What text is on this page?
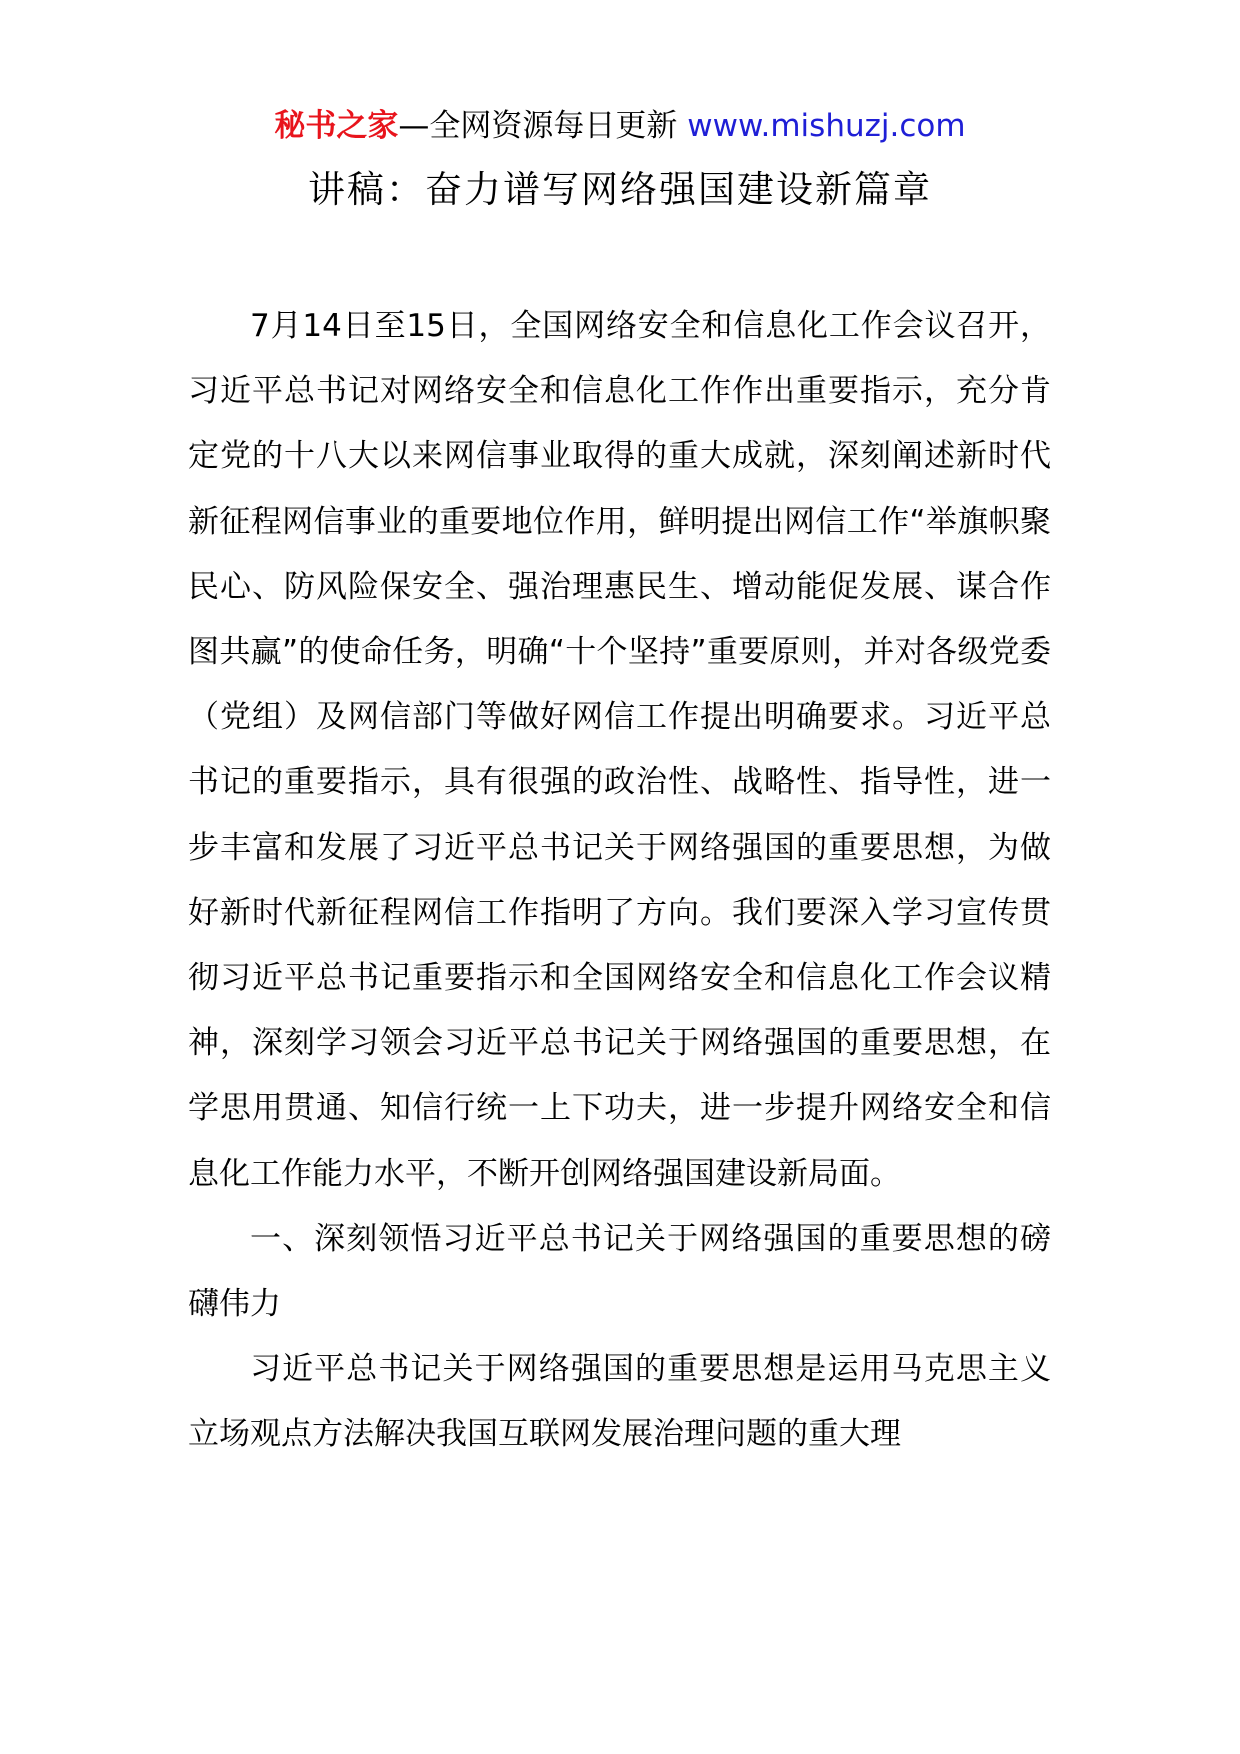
秘书之家—全网资源每日更新 www.mishuzj.com
讲稿：奋力谱写网络强国建设新篇章

7月14日至15日，全国网络安全和信息化工作会议召开，习近平总书记对网络安全和信息化工作作出重要指示，充分肯定党的十八大以来网信事业取得的重大成就，深刻阐述新时代新征程网信事业的重要地位作用，鲜明提出网信工作“举旗帜聚民心、防风险保安全、强治理惠民生、增动能促发展、谋合作图共赢”的使命任务，明确“十个坚持”重要原则，并对各级党委（党组）及网信部门等做好网信工作提出明确要求。习近平总书记的重要指示，具有很强的政治性、战略性、指导性，进一步丰富和发展了习近平总书记关于网络强国的重要思想，为做好新时代新征程网信工作指明了方向。我们要深入学习宣传贯彻习近平总书记重要指示和全国网络安全和信息化工作会议精神，深刻学习领会习近平总书记关于网络强国的重要思想，在学思用贯通、知信行统一上下功夫，进一步提升网络安全和信息化工作能力水平，不断开创网络强国建设新局面。

一、深刻领悟习近平总书记关于网络强国的重要思想的磅礴伟力

习近平总书记关于网络强国的重要思想是运用马克思主义立场观点方法解决我国互联网发展治理问题的重大理
